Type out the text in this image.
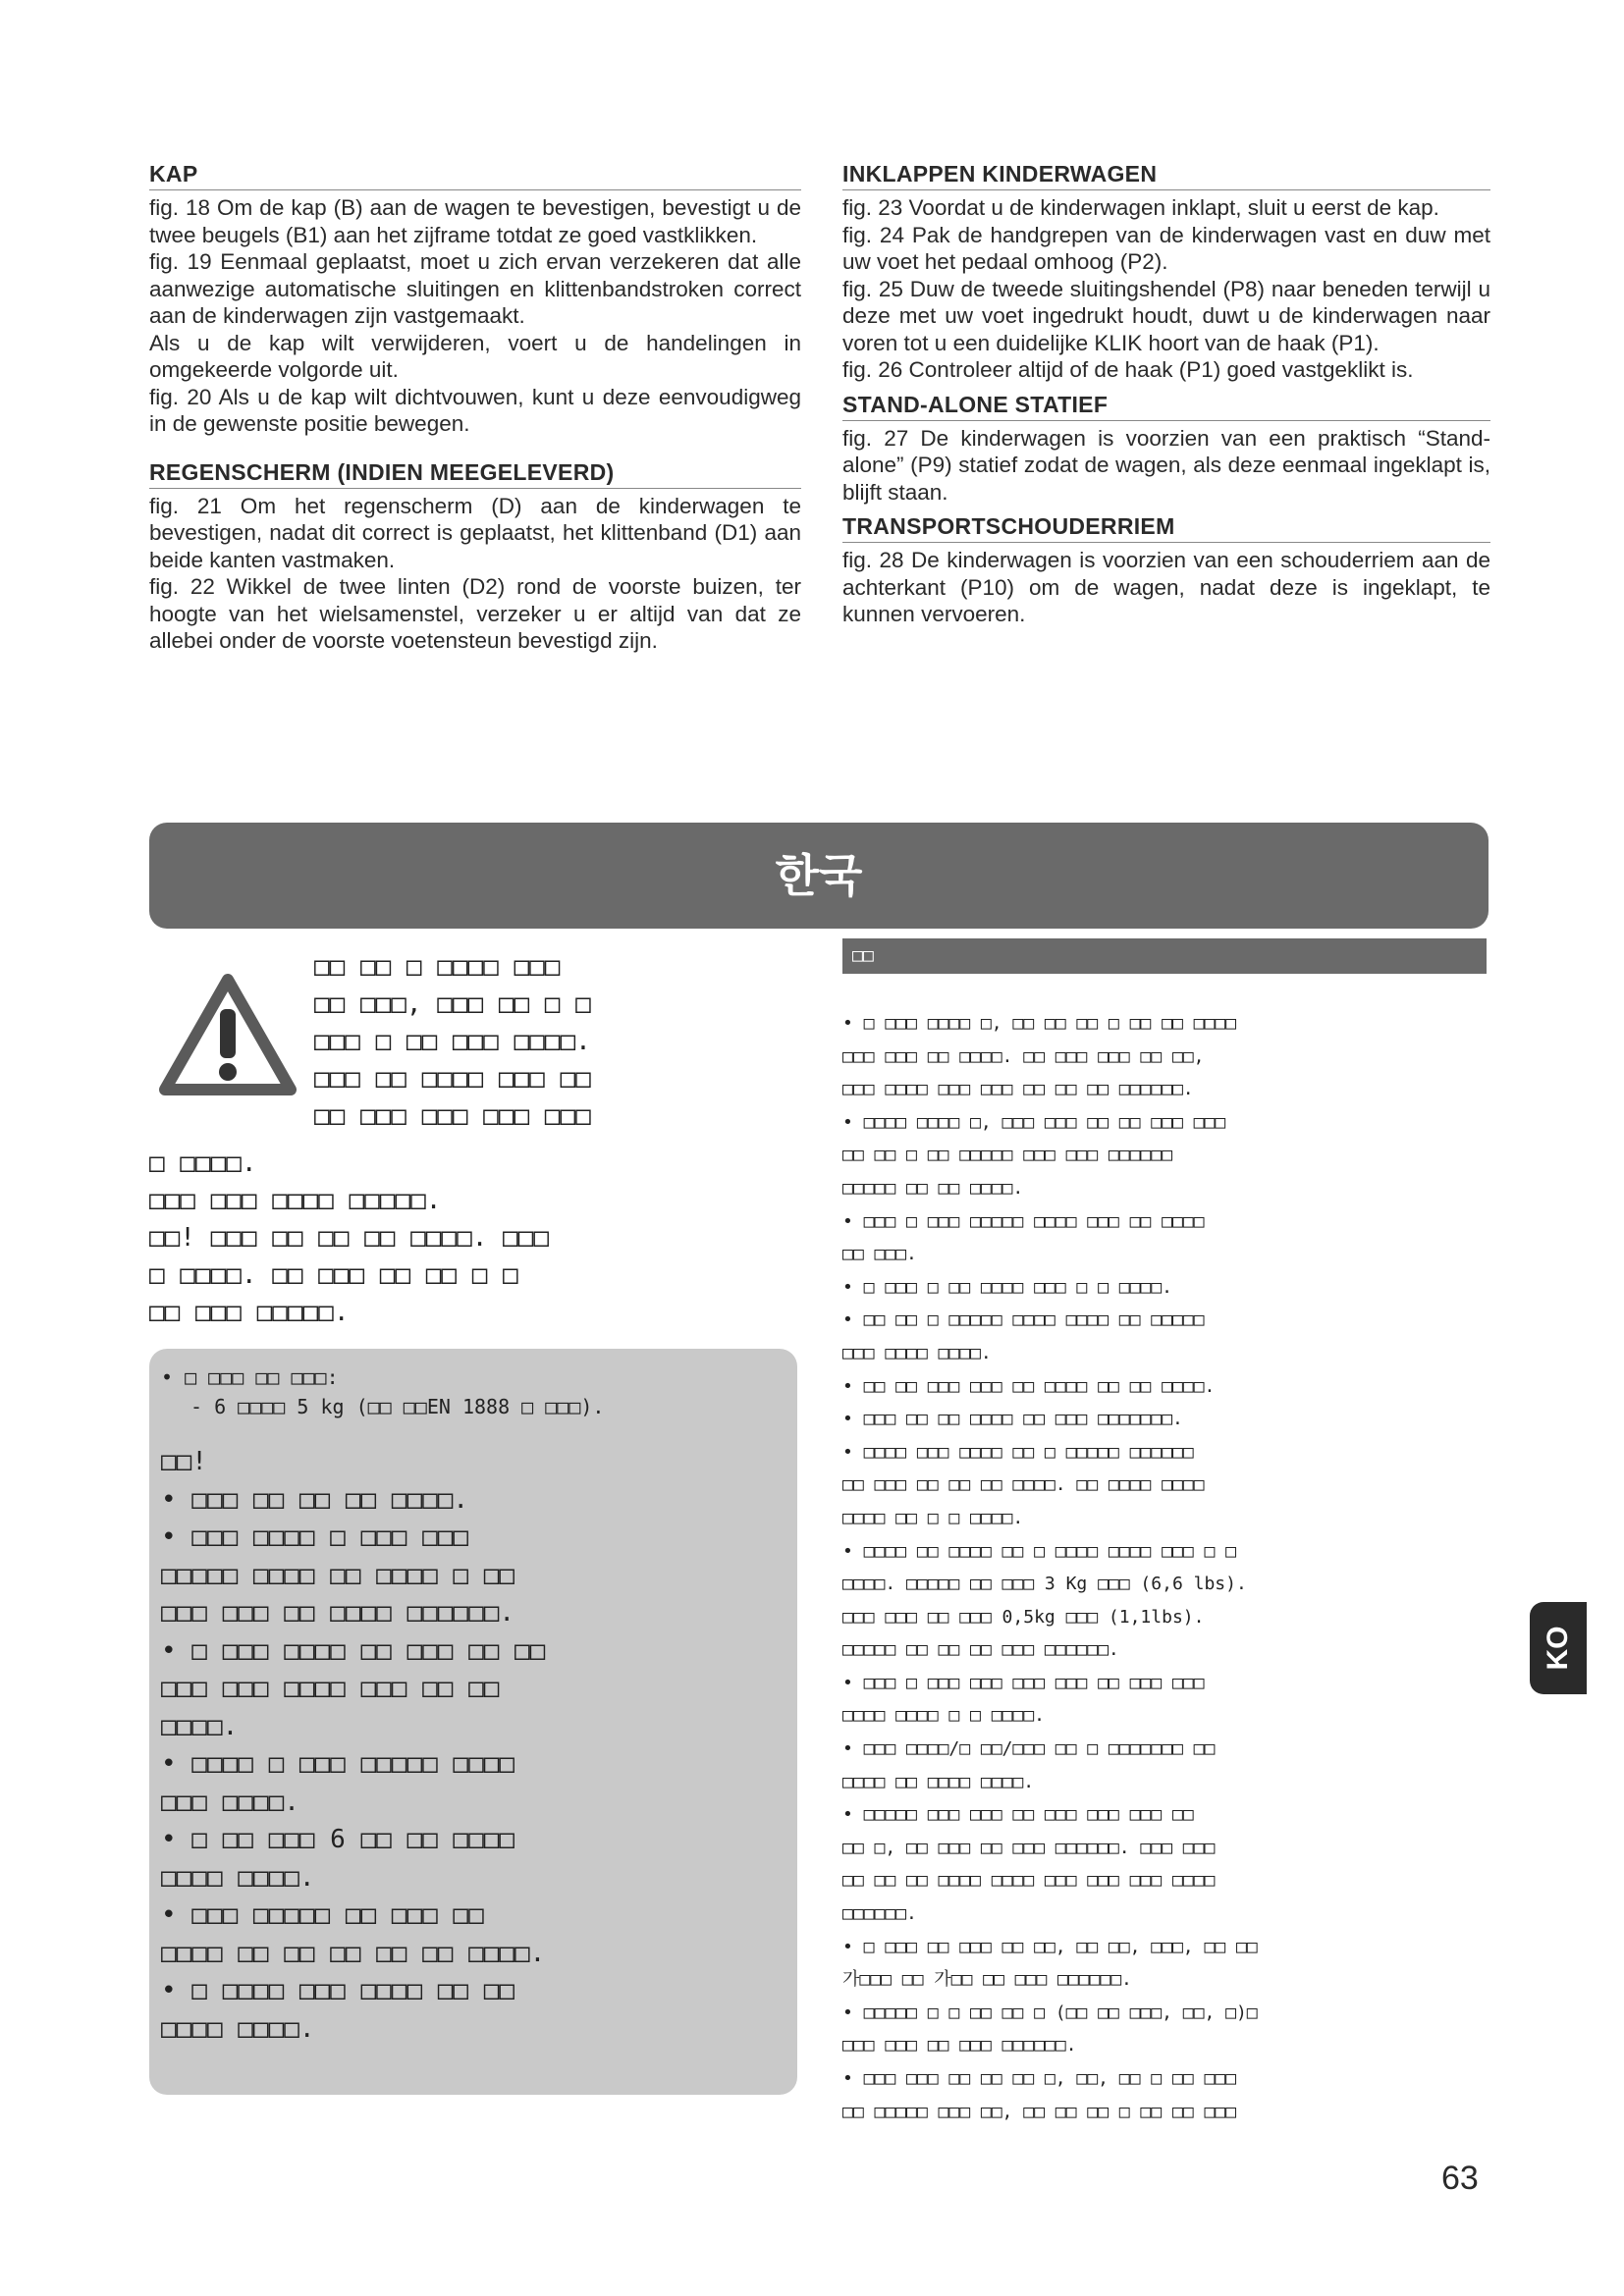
KAP

fig. 18 Om de kap (B) aan de wagen te bevestigen, bevestigt u de twee beugels (B1) aan het zijframe totdat ze goed vastklikken.

fig. 19 Eenmaal geplaatst, moet u zich ervan verzekeren dat alle aanwezige automatische sluitingen en klittenbandstroken correct aan de kinderwagen zijn vastgemaakt.

Als u de kap wilt verwijderen, voert u de handelingen in omgekeerde volgorde uit.

fig. 20 Als u de kap wilt dichtvouwen, kunt u deze eenvoudigweg in de gewenste positie bewegen.

REGENSCHERM (INDIEN MEEGELEVERD)

fig. 21 Om het regenscherm (D) aan de kinderwagen te bevestigen, nadat dit correct is geplaatst, het klittenband (D1) aan beide kanten vastmaken.

fig. 22 Wikkel de twee linten (D2) rond de voorste buizen, ter hoogte van het wielsamenstel, verzeker u er altijd van dat ze allebei onder de voorste voetensteun bevestigd zijn.

INKLAPPEN KINDERWAGEN

fig. 23 Voordat u de kinderwagen inklapt, sluit u eerst de kap.

fig. 24 Pak de handgrepen van de kinderwagen vast en duw met uw voet het pedaal omhoog (P2).

fig. 25 Duw de tweede sluitingshendel (P8) naar beneden terwijl u deze met uw voet ingedrukt houdt, duwt u de kinderwagen naar voren tot u een duidelijke KLIK hoort van de haak (P1).

fig. 26 Controleer altijd of de haak (P1) goed vastgeklikt is.

STAND-ALONE STATIEF

fig. 27 De kinderwagen is voorzien van een praktisch “Stand-alone” (P9) statief zodat de wagen, als deze eenmaal ingeklapt is, blijft staan.

TRANSPORTSCHOUDERRIEM

fig. 28 De kinderwagen is voorzien van een schouderriem aan de achterkant (P10) om de wagen, nadat deze is ingeklapt, te kunnen vervoeren.

한국
□□ □□ □ □□□□ □□□
□□ □□□, □□□ □□ □ □
□□□ □ □□ □□□ □□□□.
□□□ □□ □□□□ □□□ □□
□□ □□□ □□□ □□□ □□□
□ □□□□.
□□□ □□□ □□□□ □□□□□.
□□! □□□ □□ □□ □□ □□□□. □□□
□ □□□□. □□ □□□ □□ □□ □ □
□□ □□□ □□□□□.

• □ □□□ □□ □□□:

- 6 □□□□ 5 kg (□□ □□EN 1888 □ □□□).

□□!

• □□□ □□ □□ □□ □□□□.

• □□□ □□□□ □ □□□ □□□

□□□□□ □□□□ □□ □□□□ □ □□

□□□ □□□ □□ □□□□ □□□□□□.

• □ □□□ □□□□ □□ □□□ □□ □□

□□□ □□□ □□□□ □□□ □□ □□

□□□□.

• □□□□ □ □□□ □□□□□ □□□□

□□□ □□□□.

• □ □□ □□□ 6 □□ □□ □□□□

□□□□ □□□□.

• □□□ □□□□□ □□ □□□ □□

□□□□ □□ □□ □□ □□ □□ □□□□.

• □ □□□□ □□□ □□□□ □□ □□

□□□□ □□□□.

□□

• □ □□□ □□□□ □, □□ □□ □□ □ □□ □□ □□□□

□□□ □□□ □□ □□□□. □□ □□□ □□□ □□ □□,

□□□ □□□□ □□□ □□□ □□ □□ □□ □□□□□□.

• □□□□ □□□□ □, □□□ □□□ □□ □□ □□□ □□□

□□ □□ □ □□ □□□□□ □□□ □□□ □□□□□□

□□□□□ □□ □□ □□□□.

• □□□ □ □□□ □□□□□ □□□□ □□□ □□ □□□□

□□ □□□.

• □ □□□ □ □□ □□□□ □□□ □ □ □□□□.

• □□ □□ □ □□□□□ □□□□ □□□□ □□ □□□□□

□□□ □□□□ □□□□.

• □□ □□ □□□ □□□ □□ □□□□ □□ □□ □□□□.

• □□□ □□ □□ □□□□ □□ □□□ □□□□□□□.

• □□□□ □□□ □□□□ □□ □ □□□□□ □□□□□□

□□ □□□ □□ □□ □□ □□□□. □□ □□□□ □□□□

□□□□ □□ □ □ □□□□.

• □□□□ □□ □□□□ □□ □ □□□□ □□□□ □□□ □ □

□□□□. □□□□□ □□ □□□ 3 Kg □□□ (6,6 lbs).

□□□ □□□ □□ □□□ 0,5kg □□□ (1,1lbs).

□□□□□ □□ □□ □□ □□□ □□□□□□.

• □□□ □ □□□ □□□ □□□ □□□ □□ □□□ □□□

□□□□ □□□□ □ □ □□□□.

• □□□ □□□□/□ □□/□□□ □□ □ □□□□□□□ □□

□□□□ □□ □□□□ □□□□.

• □□□□□ □□□ □□□ □□ □□□ □□□ □□□ □□

□□ □, □□ □□□ □□ □□□ □□□□□□. □□□ □□□

□□ □□ □□ □□□□ □□□□ □□□ □□□ □□□ □□□□

□□□□□□.

• □ □□□ □□ □□□ □□ □□, □□ □□, □□□, □□ □□

가□□□ □□ 가□□ □□ □□□ □□□□□□.

• □□□□□ □ □ □□ □□ □ (□□ □□ □□□, □□, □)□

□□□ □□□ □□ □□□ □□□□□□.

• □□□ □□□ □□ □□ □□ □, □□, □□ □ □□ □□□

□□ □□□□□ □□□ □□, □□ □□ □□ □ □□ □□ □□□

KO
63
